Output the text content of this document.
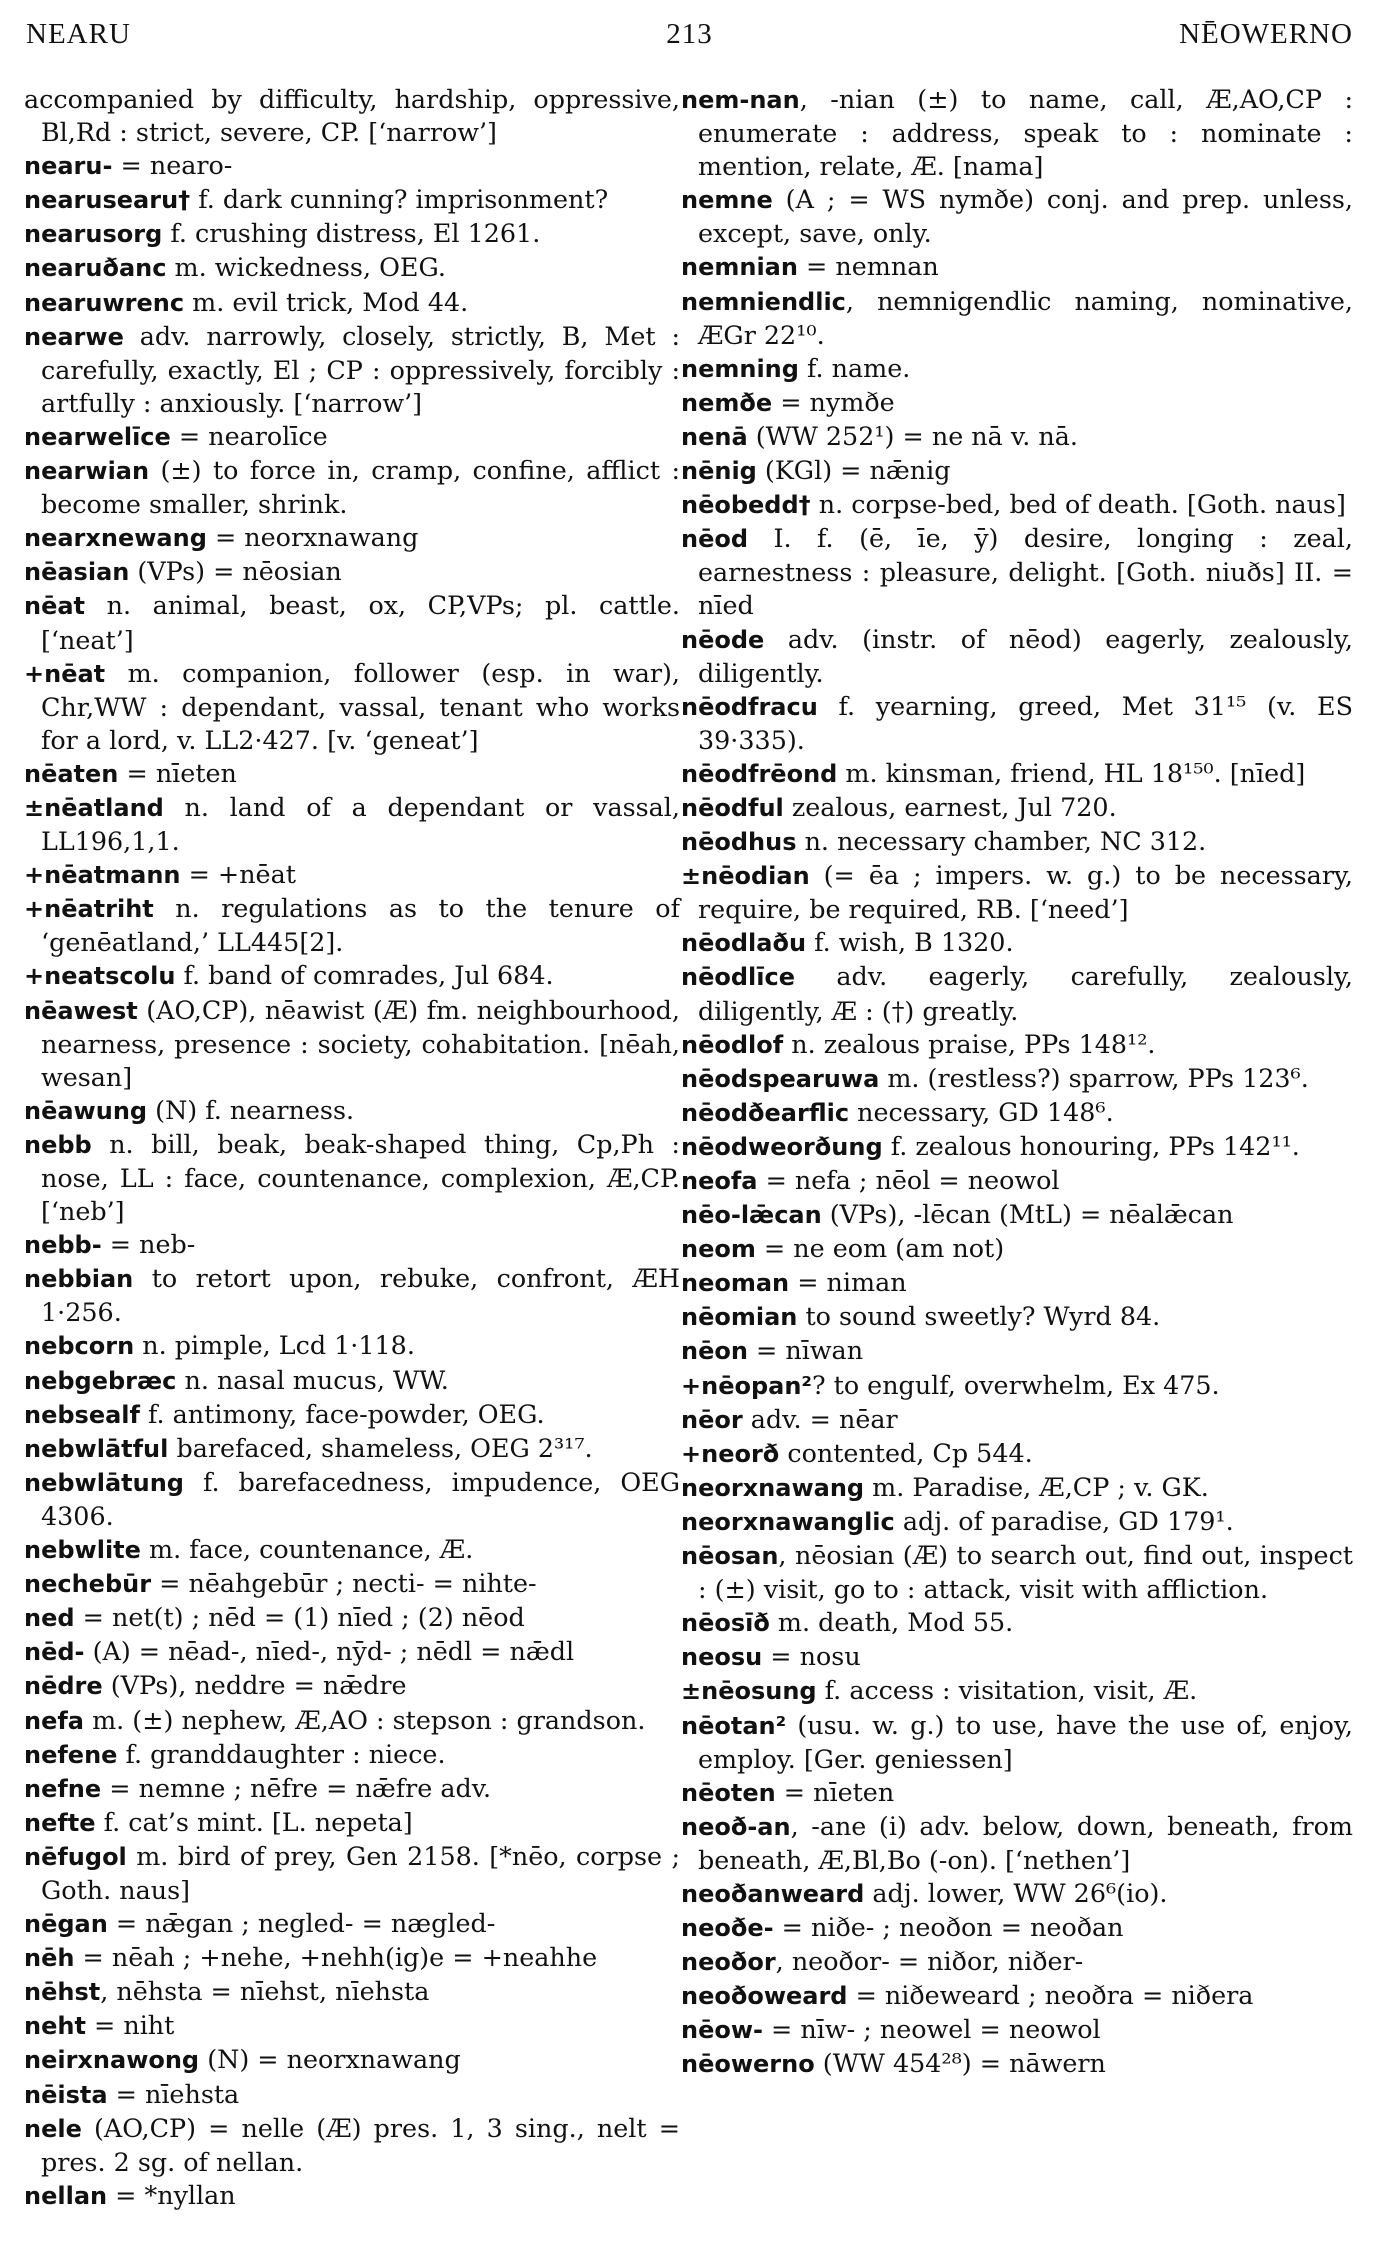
NEARU	213	NĒOWERNO

accompanied by difficulty, hardship, oppressive, Bl,Rd : strict, severe, CP. [‘narrow’]

nearu- = nearo-

nearusearu† f. dark cunning? imprisonment?

nearusorg f. crushing distress, El 1261.

nearuðanc m. wickedness, OEG.

nearuwrenc m. evil trick, Mod 44.

nearwe adv. narrowly, closely, strictly, B, Met : carefully, exactly, El ; CP : oppressively, forcibly : artfully : anxiously. [‘narrow’]

nearwelīce = nearolīce

nearwian (±) to force in, cramp, confine, afflict : become smaller, shrink.

nearxnewang = neorxnawang

nēasian (VPs) = nēosian

nēat n. animal, beast, ox, CP,VPs; pl. cattle. [‘neat’]

+nēat m. companion, follower (esp. in war), Chr,WW : dependant, vassal, tenant who works for a lord, v. LL2·427. [v. ‘geneat’]

nēaten = nīeten

±nēatland n. land of a dependant or vassal, LL196,1,1.

+nēatmann = +nēat

+nēatriht n. regulations as to the tenure of ‘genēatland,’ LL445[2].

+neatscolu f. band of comrades, Jul 684.

nēawest (AO,CP), nēawist (Æ) fm. neighbourhood, nearness, presence : society, cohabitation. [nēah, wesan]

nēawung (N) f. nearness.

nebb n. bill, beak, beak-shaped thing, Cp,Ph : nose, LL : face, countenance, complexion, Æ,CP. [‘neb’]

nebb- = neb-

nebbian to retort upon, rebuke, confront, ÆH 1·256.

nebcorn n. pimple, Lcd 1·118.

nebgebræc n. nasal mucus, WW.

nebsealf f. antimony, face-powder, OEG.

nebwlātful barefaced, shameless, OEG 2³¹⁷.

nebwlātung f. barefacedness, impudence, OEG 4306.

nebwlite m. face, countenance, Æ.

nechebūr = nēahgebūr ; necti- = nihte-

ned = net(t) ; nēd = (1) nīed ; (2) nēod

nēd- (A) = nēad-, nīed-, nȳd- ; nēdl = nǣdl

nēdre (VPs), neddre = nǣdre

nefa m. (±) nephew, Æ,AO : stepson : grandson.

nefene f. granddaughter : niece.

nefne = nemne ; nēfre = nǣfre adv.

nefte f. cat’s mint. [L. nepeta]

nēfugol m. bird of prey, Gen 2158. [*nēo, corpse ; Goth. naus]

nēgan = nǣgan ; negled- = nægled-

nēh = nēah ; +nehe, +nehh(ig)e = +neahhe

nēhst, nēhsta = nīehst, nīehsta

neht = niht

neirxnawong (N) = neorxnawang

nēista = nīehsta

nele (AO,CP) = nelle (Æ) pres. 1, 3 sing., nelt = pres. 2 sg. of nellan.

nellan = *nyllan

nem-nan, -nian (±) to name, call, Æ,AO,CP : enumerate : address, speak to : nominate : mention, relate, Æ. [nama]

nemne (A ; = WS nymðe) conj. and prep. unless, except, save, only.

nemnian = nemnan

nemniendlic, nemnigendlic naming, nominative, ÆGr 22¹⁰.

nemning f. name.

nemðe = nymðe

nenā (WW 252¹) = ne nā v. nā.

nēnig (KGl) = nǣnig

nēobedd† n. corpse-bed, bed of death. [Goth. naus]

nēod I. f. (ē, īe, ȳ) desire, longing : zeal, earnestness : pleasure, delight. [Goth. niuðs] II. = nīed

nēode adv. (instr. of nēod) eagerly, zealously, diligently.

nēodfracu f. yearning, greed, Met 31¹⁵ (v. ES 39·335).

nēodfrēond m. kinsman, friend, HL 18¹⁵⁰. [nīed]

nēodful zealous, earnest, Jul 720.

nēodhus n. necessary chamber, NC 312.

±nēodian (= ēa ; impers. w. g.) to be necessary, require, be required, RB. [‘need’]

nēodlaðu f. wish, B 1320.

nēodlīce adv. eagerly, carefully, zealously, diligently, Æ : (†) greatly.

nēodlof n. zealous praise, PPs 148¹².

nēodspearuwa m. (restless?) sparrow, PPs 123⁶.

nēodðearflic necessary, GD 148⁶.

nēodweorðung f. zealous honouring, PPs 142¹¹.

neofa = nefa ; nēol = neowol

nēo-lǣcan (VPs), -lēcan (MtL) = nēalǣcan

neom = ne eom (am not)

neoman = niman

nēomian to sound sweetly? Wyrd 84.

nēon = nīwan

+nēopan²? to engulf, overwhelm, Ex 475.

nēor adv. = nēar

+neorð contented, Cp 544.

neorxnawang m. Paradise, Æ,CP ; v. GK.

neorxnawanglic adj. of paradise, GD 179¹.

nēosan, nēosian (Æ) to search out, find out, inspect : (±) visit, go to : attack, visit with affliction.

nēosīð m. death, Mod 55.

neosu = nosu

±nēosung f. access : visitation, visit, Æ.

nēotan² (usu. w. g.) to use, have the use of, enjoy, employ. [Ger. geniessen]

nēoten = nīeten

neoð-an, -ane (i) adv. below, down, beneath, from beneath, Æ,Bl,Bo (-on). [‘nethen’]

neoðanweard adj. lower, WW 26⁶(io).

neoðe- = niðe- ; neoðon = neoðan

neoðor, neoðor- = niðor, niðer-

neoðoweard = niðeweard ; neoðra = niðera

nēow- = nīw- ; neowel = neowol

nēowerno (WW 454²⁸) = nāwern
